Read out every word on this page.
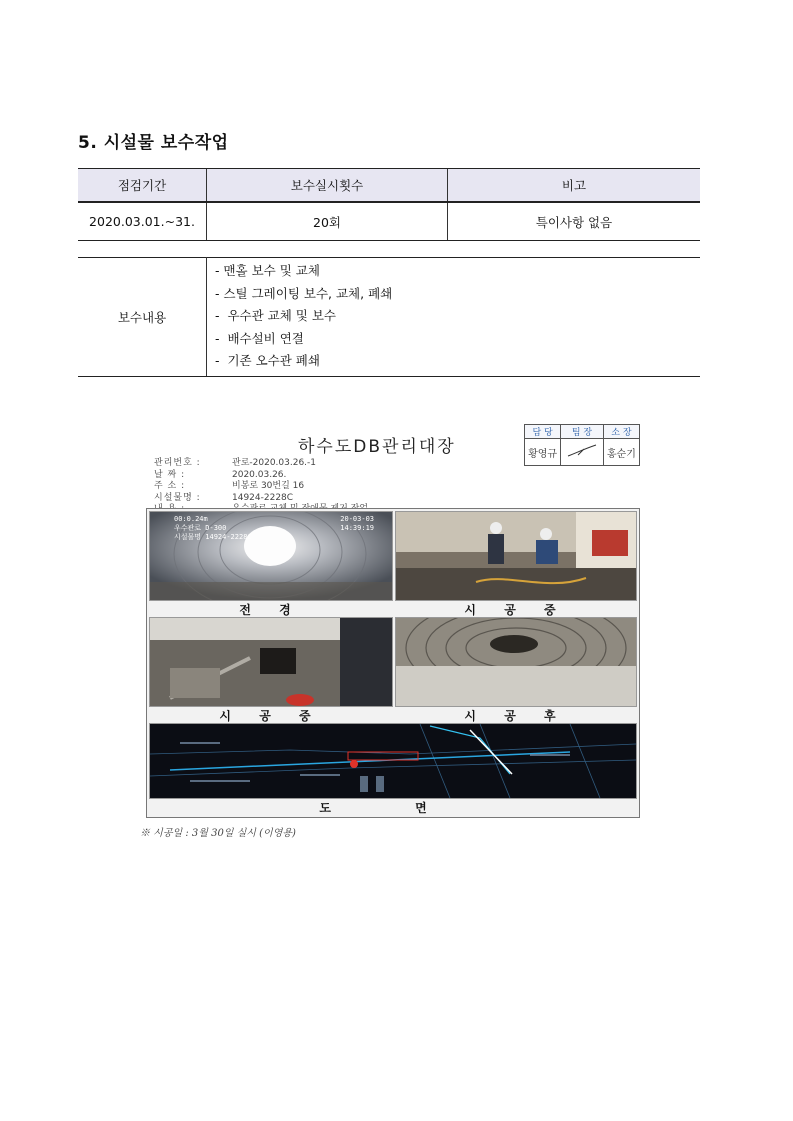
5. 시설물 보수작업
점검기간	보수실시횟수	비고
2020.03.01.~31.	20회	특이사항 없음
보수내용	
- 맨홀 보수 및 교체
- 스틸 그레이팅 보수, 교체, 폐쇄
-  우수관 교체 및 보수
-  배수설비 연결
-  기존 오수관 폐쇄
하수도DB관리대장
담 당	팀 장	소 장
황영규		홍순기
관리번호 :	관로-2020.03.26.-1
날 짜 :	2020.03.26.
주 소 :	비봉로 30번길 16
시설물명 :	14924-2228C
00:0.24m
우수관로 D-300
시설물명 14924-2228C
20-03-03
14:39:19
전 경	시 공 중
시 공 중	시 공 후
도 면
※ 시공일 : 3월 30일 실시 (이영용)
